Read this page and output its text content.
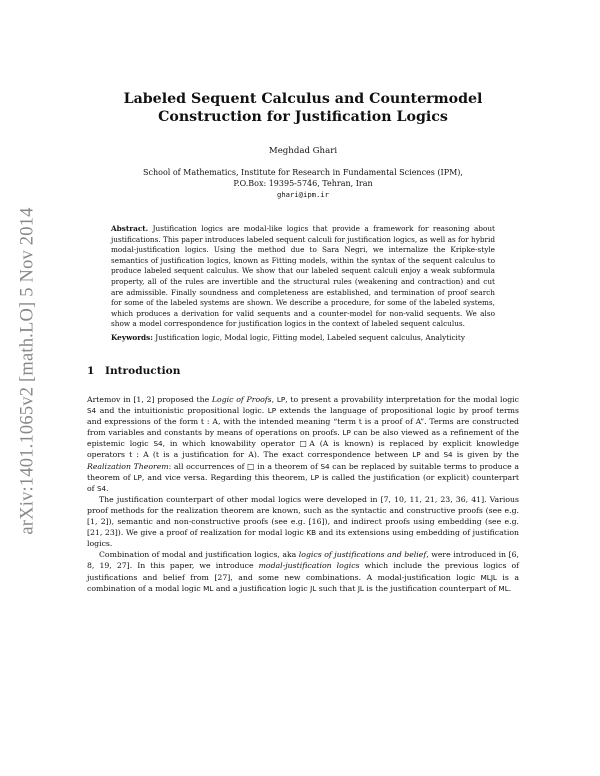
arXiv:1401.1065v2 [math.LO] 5 Nov 2014
Labeled Sequent Calculus and Countermodel Construction for Justification Logics
Meghdad Ghari
School of Mathematics, Institute for Research in Fundamental Sciences (IPM),
P.O.Box: 19395-5746, Tehran, Iran
ghari@ipm.ir

Abstract. Justification logics are modal-like logics that provide a framework for reasoning about justifications. This paper introduces labeled sequent calculi for justification logics, as well as for hybrid modal-justification logics. Using the method due to Sara Negri, we internalize the Kripke-style semantics of justification logics, known as Fitting models, within the syntax of the sequent calculus to produce labeled sequent calculus. We show that our labeled sequent calculi enjoy a weak subformula property, all of the rules are invertible and the structural rules (weakening and contraction) and cut are admissible. Finally soundness and completeness are established, and termination of proof search for some of the labeled systems are shown. We describe a procedure, for some of the labeled systems, which produces a derivation for valid sequents and a counter-model for non-valid sequents. We also show a model correspondence for justification logics in the context of labeled sequent calculus.

Keywords: Justification logic, Modal logic, Fitting model, Labeled sequent calculus, Analyticity

1 Introduction

Artemov in [1, 2] proposed the Logic of Proofs, LP, to present a provability interpretation for the modal logic S4 and the intuitionistic propositional logic. LP extends the language of propositional logic by proof terms and expressions of the form t : A, with the intended meaning “term t is a proof of A”. Terms are constructed from variables and constants by means of operations on proofs. LP can be also viewed as a refinement of the epistemic logic S4, in which knowability operator □A (A is known) is replaced by explicit knowledge operators t : A (t is a justification for A). The exact correspondence between LP and S4 is given by the Realization Theorem: all occurrences of □ in a theorem of S4 can be replaced by suitable terms to produce a theorem of LP, and vice versa. Regarding this theorem, LP is called the justification (or explicit) counterpart of S4.

The justification counterpart of other modal logics were developed in [7, 10, 11, 21, 23, 36, 41]. Various proof methods for the realization theorem are known, such as the syntactic and constructive proofs (see e.g. [1, 2]), semantic and non-constructive proofs (see e.g. [16]), and indirect proofs using embedding (see e.g. [21, 23]). We give a proof of realization for modal logic KB and its extensions using embedding of justification logics.

Combination of modal and justification logics, aka logics of justifications and belief, were introduced in [6, 8, 19, 27]. In this paper, we introduce modal-justification logics which include the previous logics of justifications and belief from [27], and some new combinations. A modal-justification logic MLJL is a combination of a modal logic ML and a justification logic JL such that JL is the justification counterpart of ML.
